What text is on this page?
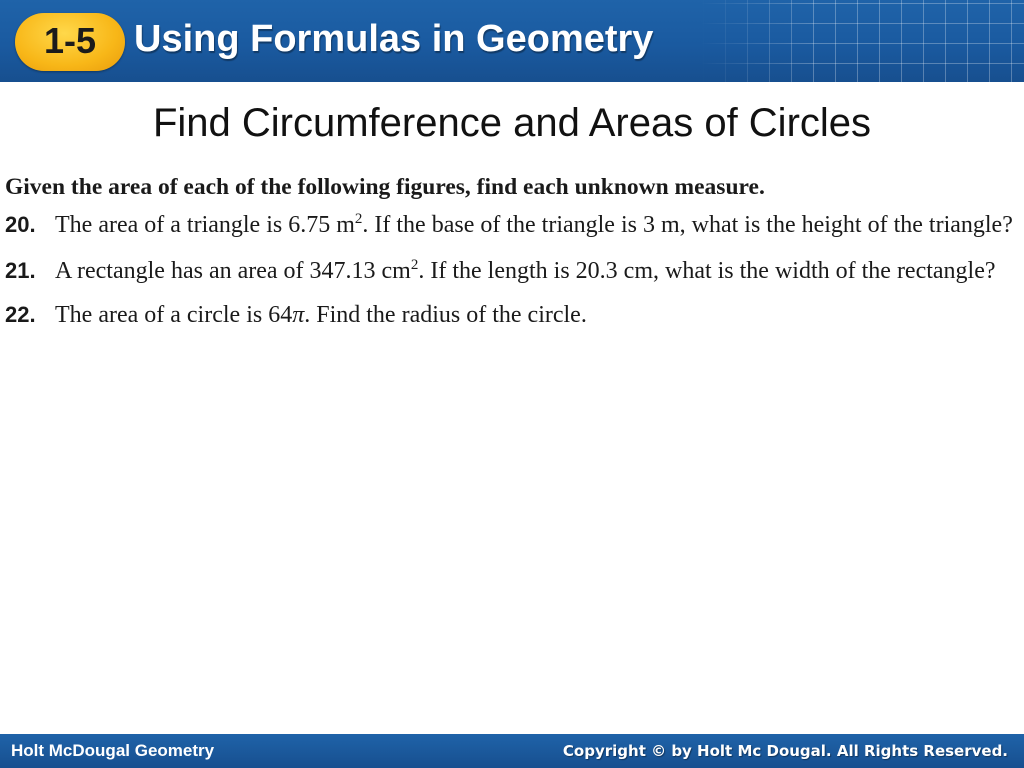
1-5 Using Formulas in Geometry
Find Circumference and Areas of Circles
Given the area of each of the following figures, find each unknown measure.
20. The area of a triangle is 6.75 $m^2$. If the base of the triangle is 3 m, what is the height of the triangle?
21. A rectangle has an area of 347.13 $cm^2$. If the length is 20.3 cm, what is the width of the rectangle?
22. The area of a circle is 64π. Find the radius of the circle.
Holt McDougal Geometry	Copyright © by Holt Mc Dougal. All Rights Reserved.
